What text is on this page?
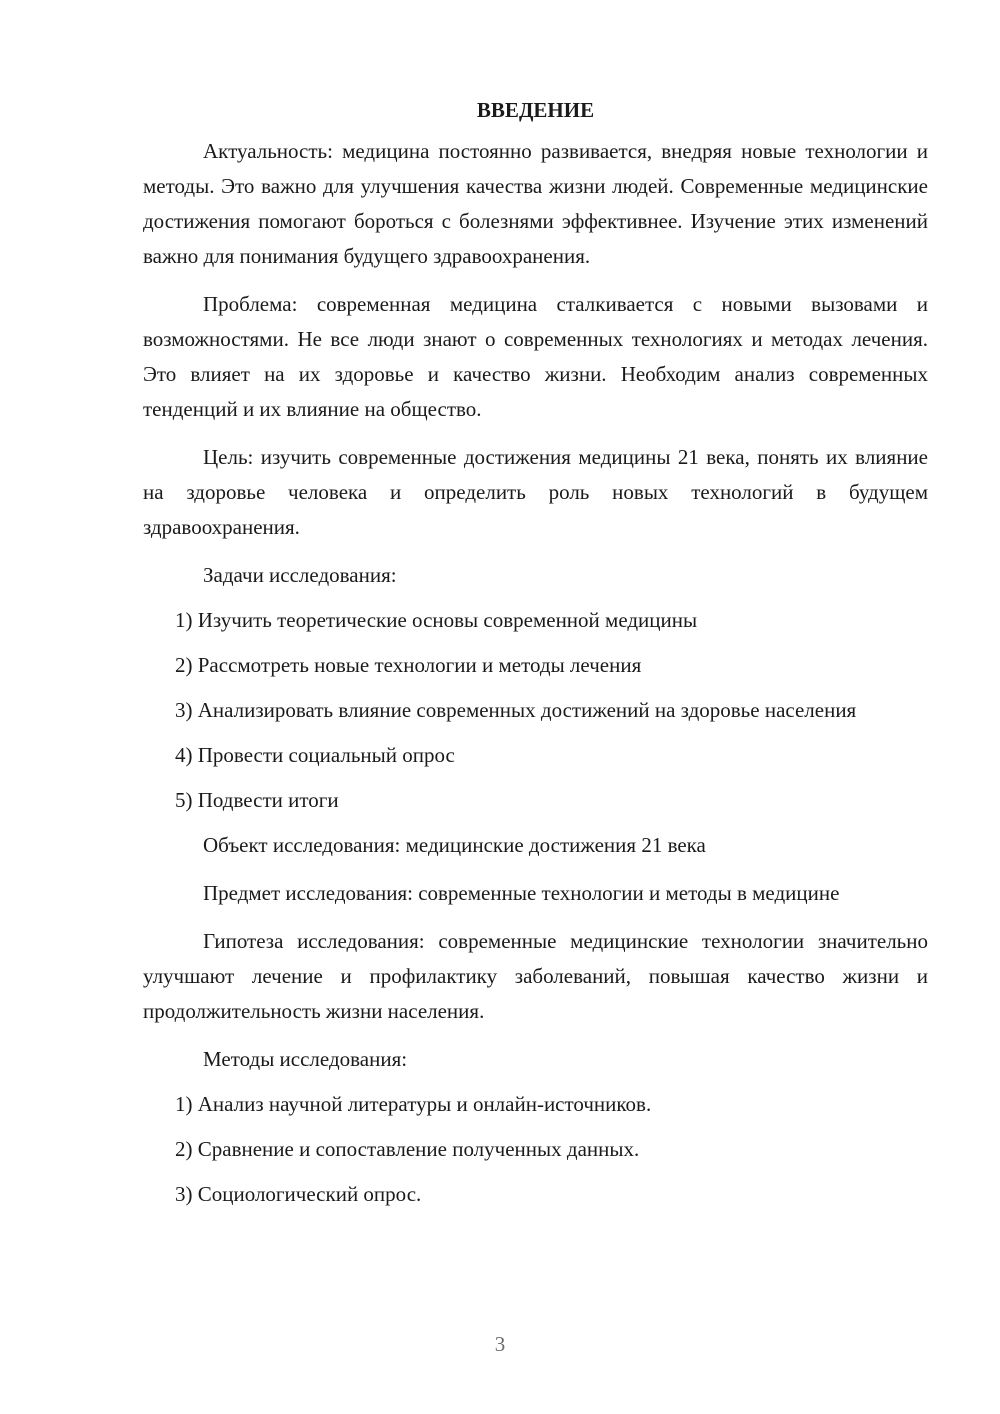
ВВЕДЕНИЕ

Актуальность: медицина постоянно развивается, внедряя новые технологии и методы. Это важно для улучшения качества жизни людей. Современные медицинские достижения помогают бороться с болезнями эффективнее. Изучение этих изменений важно для понимания будущего здравоохранения.

Проблема: современная медицина сталкивается с новыми вызовами и возможностями. Не все люди знают о современных технологиях и методах лечения. Это влияет на их здоровье и качество жизни. Необходим анализ современных тенденций и их влияние на общество.

Цель: изучить современные достижения медицины 21 века, понять их влияние на здоровье человека и определить роль новых технологий в будущем здравоохранения.

Задачи исследования:

1) Изучить теоретические основы современной медицины

2) Рассмотреть новые технологии и методы лечения

3) Анализировать влияние современных достижений на здоровье населения

4) Провести социальный опрос

5) Подвести итоги

Объект исследования: медицинские достижения 21 века

Предмет исследования: современные технологии и методы в медицине

Гипотеза исследования: современные медицинские технологии значительно улучшают лечение и профилактику заболеваний, повышая качество жизни и продолжительность жизни населения.

Методы исследования:

1) Анализ научной литературы и онлайн-источников.

2) Сравнение и сопоставление полученных данных.

3) Социологический опрос.

3
